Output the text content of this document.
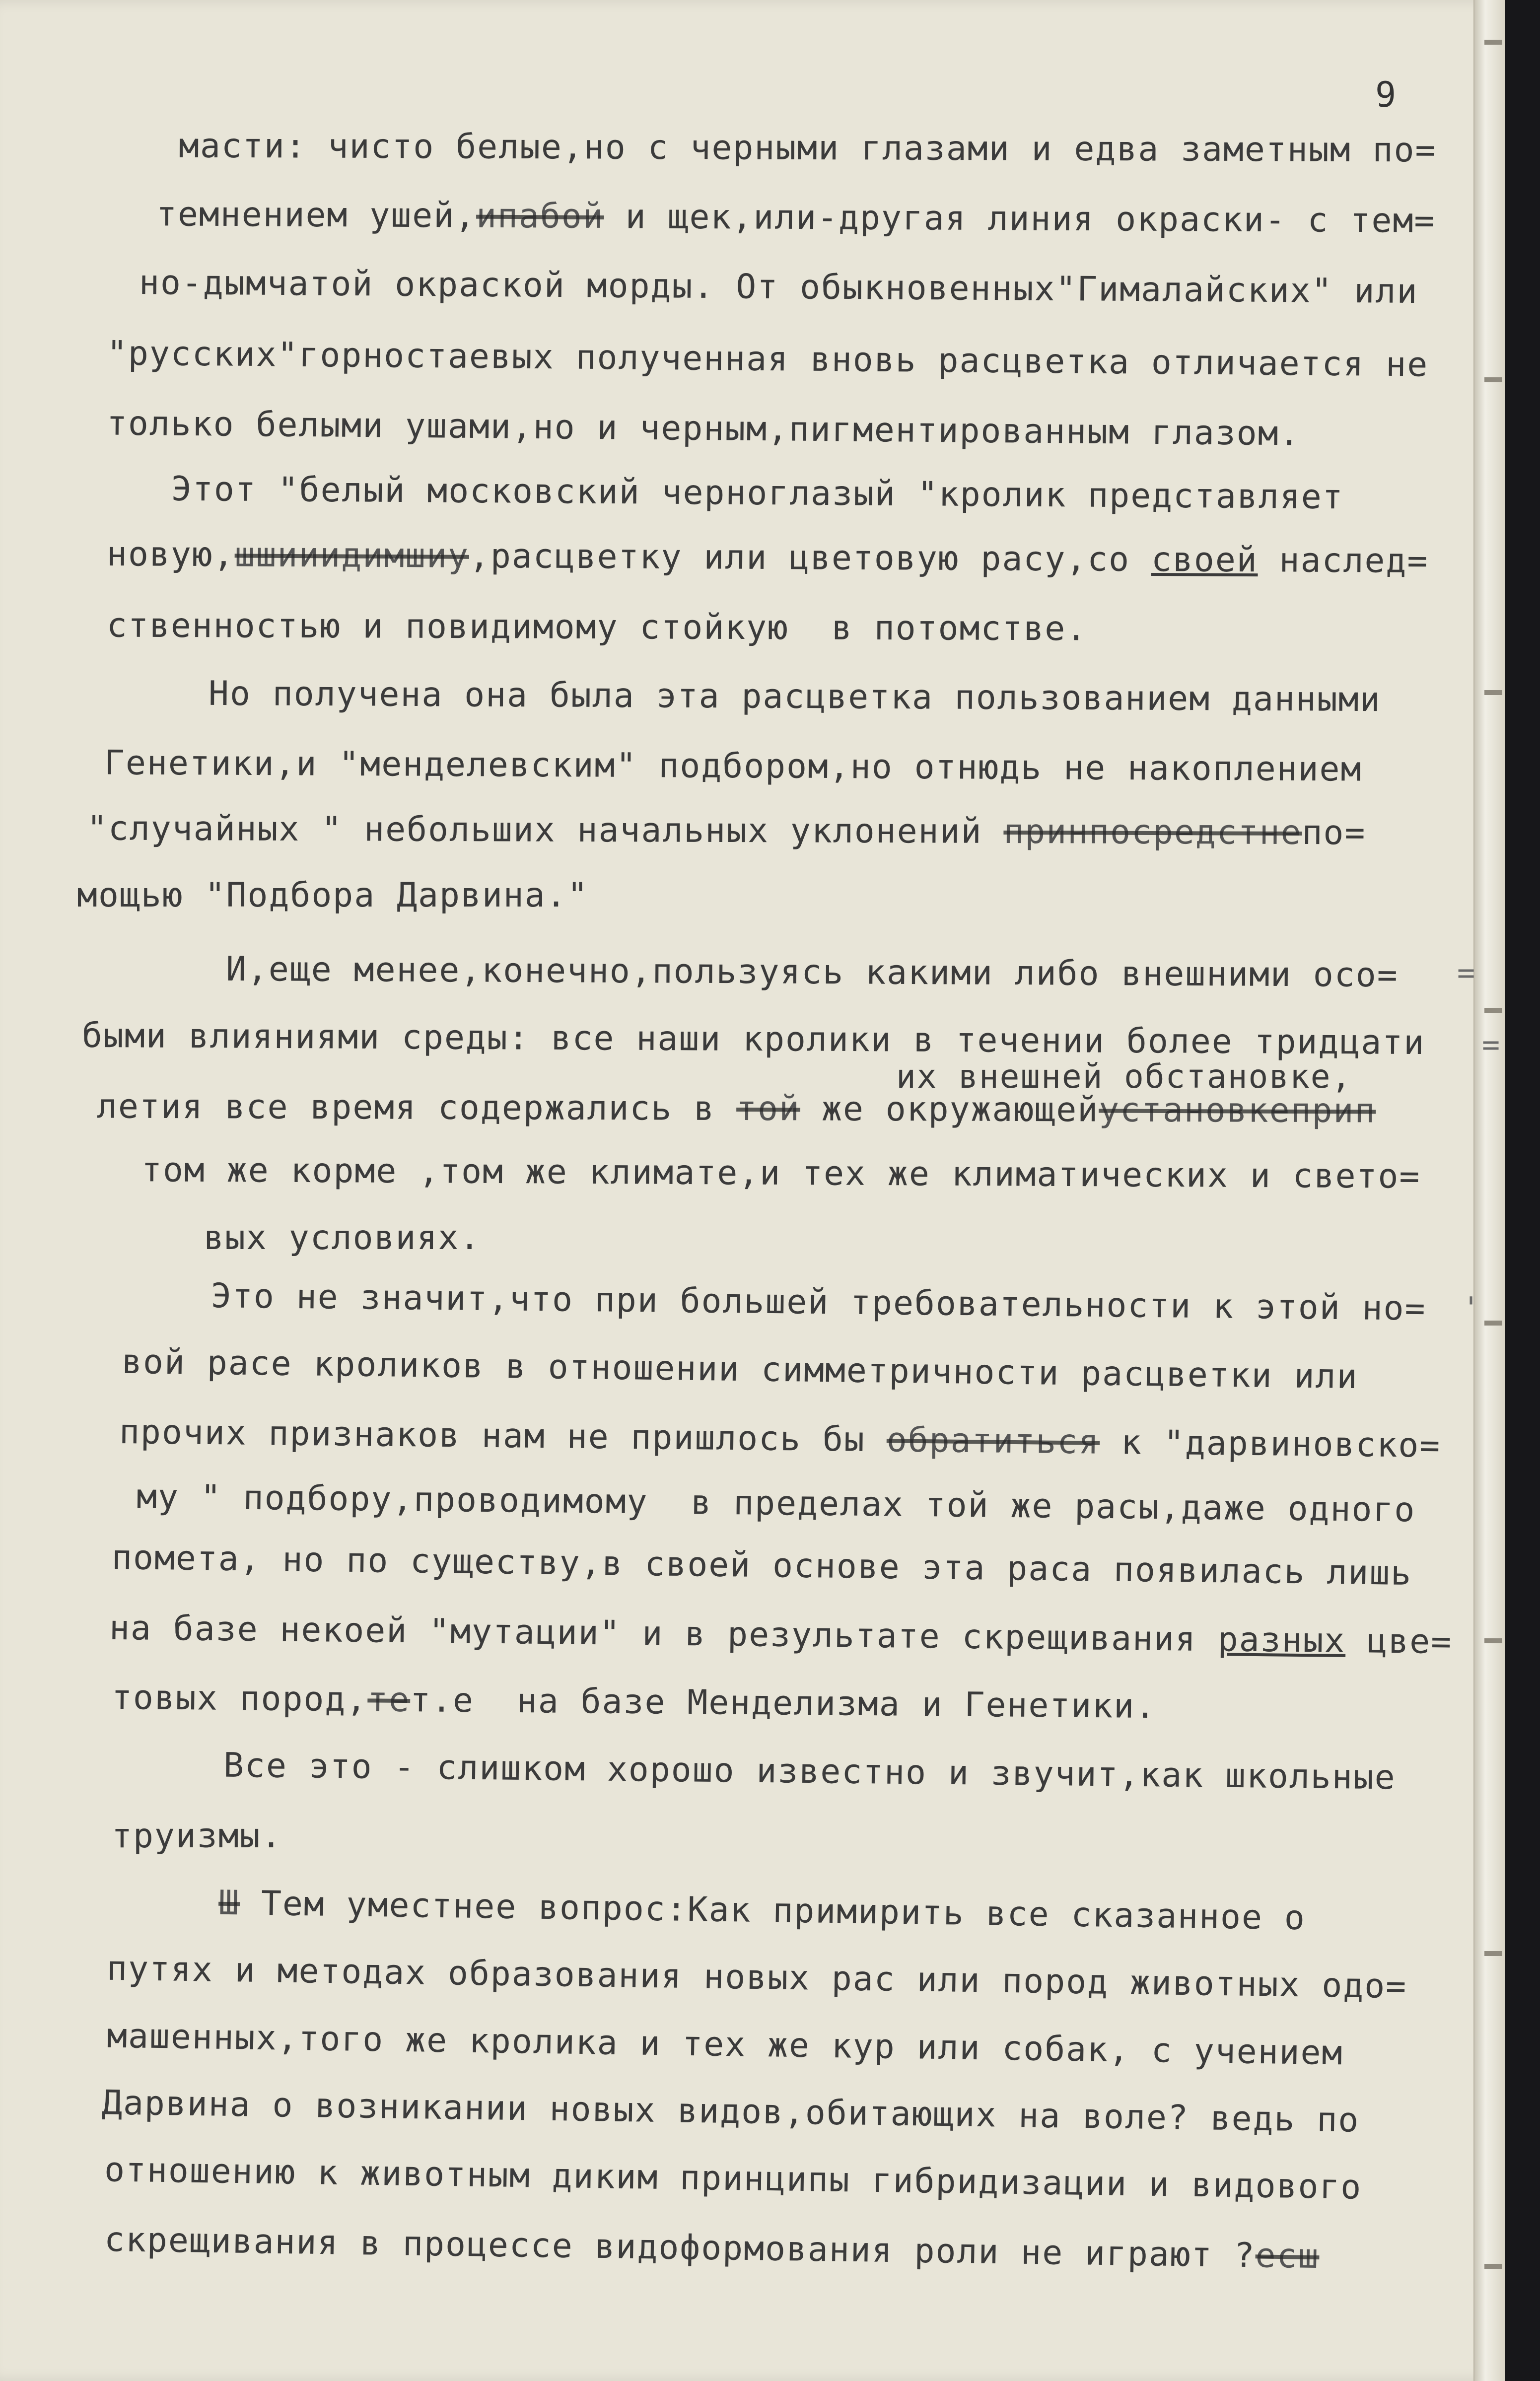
9
масти: чисто белые,но с черными глазами и едва заметным по=
темнением ушей,ипабой и щек,или-другая линия окраски- с тем=
но-дымчатой окраской морды. От обыкновенных"Гималайских" или
"русских"горностаевых полученная вновь расцветка отличается не
только белыми ушами,но и черным,пигментированным глазом.
Этот "белый московский черноглазый "кролик представляет
новую,шшииидимшиу,расцветку или цветовую расу,со своей наслед=
ственностью и повидимому стойкую  в потомстве.
Но получена она была эта расцветка пользованием данными
Генетики,и "менделевским" подбором,но отнюдь не накоплением
"случайных " небольших начальных уклонений принпосредстнепо=
мощью "Подбора Дарвина."
И,еще менее,конечно,пользуясь какими либо внешними осо= =
быми влияниями среды: все наши кролики в течении более тридцати =
их внешней обстановке,
летия все время содержались в той же окружающейустановкеприп
том же корме ,том же климате,и тех же климатических и свето=
вых условиях.
Это не значит,что при большей требовательности к этой но= '
вой расе кроликов в отношении симметричности расцветки или
прочих признаков нам не пришлось бы обратиться к "дарвиновско=
му " подбору,проводимому  в пределах той же расы,даже одного
помета, но по существу,в своей основе эта раса появилась лишь
на базе некоей "мутации" и в результате скрещивания разных цве=
товых пород,тет.е  на базе Менделизма и Генетики.
Все это - слишком хорошо известно и звучит,как школьные
труизмы.
Ш Тем уместнее вопрос:Как примирить все сказанное о
путях и методах образования новых рас или пород животных одо=
машенных,того же кролика и тех же кур или собак, с учением
Дарвина о возникании новых видов,обитающих на воле? ведь по
отношению к животным диким принципы гибридизации и видового
скрещивания в процессе видоформования роли не играют ?есш
